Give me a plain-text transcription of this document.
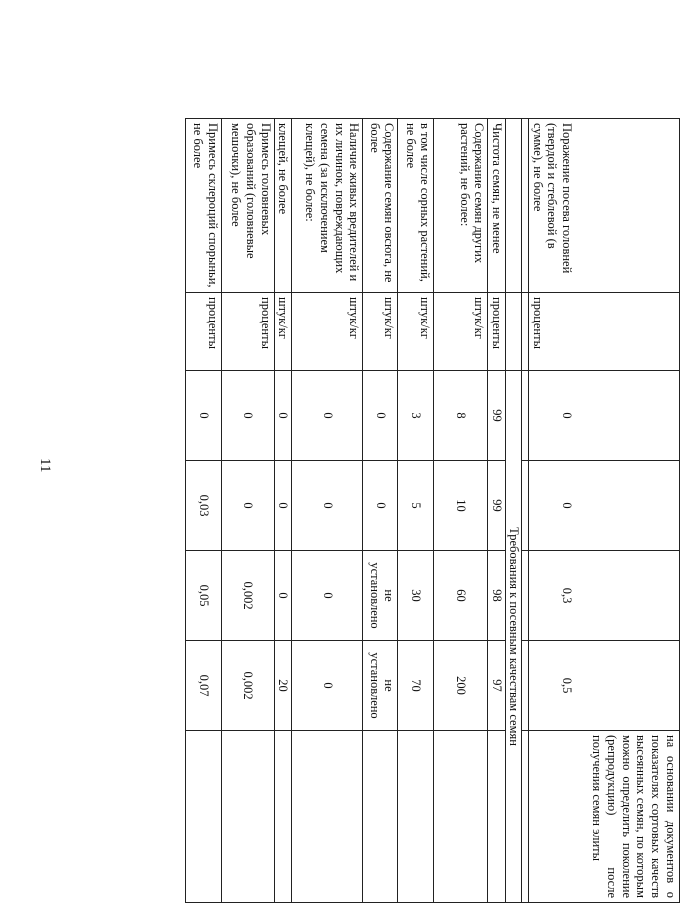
11
Поражение посева головней (твердой и стеблевой (в сумме), не более	проценты	0	0	0,3	0,5	на основании документов о показателях сортовых качеств высеянных семян, по которым можно определить поколение (репродукцию) после получения семян элиты

		Требования к посевным качествам семян				
Чистота семян, не менее	проценты	99	99	98	97	
Содержание семян других растений, не более:	штук/кг	8	10	60	200	
в том числе сорных растений, не более	штук/кг	3	5	30	70	
Содержание семян овсюга, не более	штук/кг	0	0	не установлено	не установлено	
Наличие живых вредителей и их личинок, повреждающих семена (за исключением клещей), не более:	штук/кг	0	0	0	0	
клещей, не более	штук/кг	0	0	0	20	
Примесь головневых образований (головневые мешочки), не более	проценты	0	0	0,002	0,002	
Примесь склероций спорыньи, не более	проценты	0	0,03	0,05	0,07	
